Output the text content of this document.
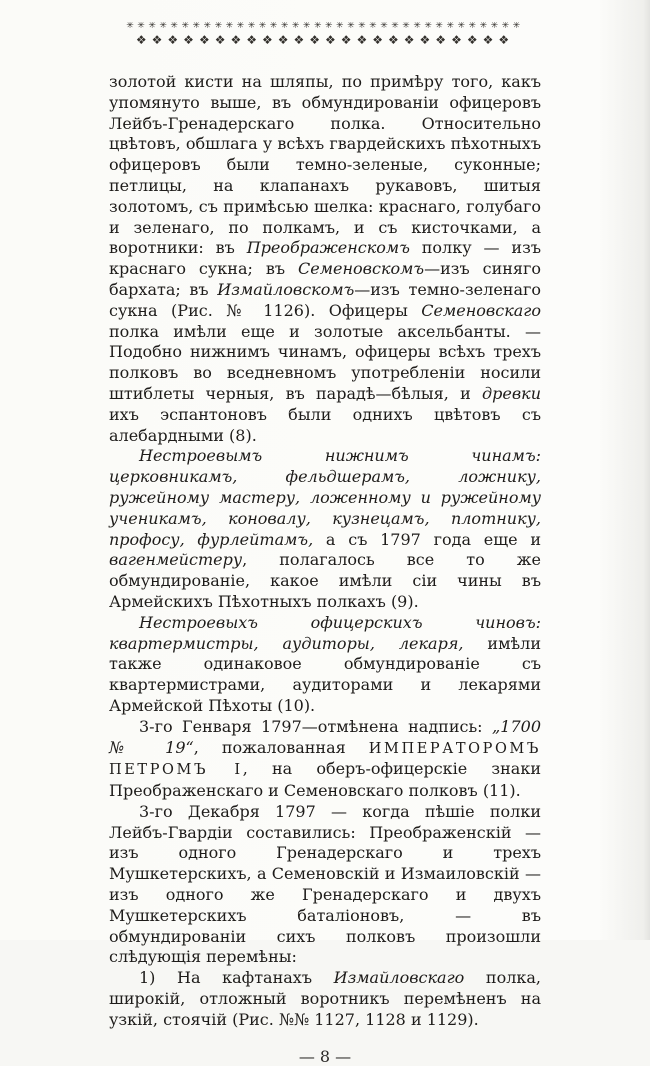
✳✳✳✳✳✳✳✳✳✳✳✳✳✳✳✳✳✳✳✳✳✳✳✳✳✳✳✳✳✳✳✳✳✳✳✳
❖❖❖❖❖❖❖❖❖❖❖❖❖❖❖❖❖❖❖❖❖❖❖❖

золотой кисти на шляпы, по примѣру того, какъ упомянуто выше, въ обмундированіи офицеровъ Лейбъ-Гренадерскаго полка. Относительно цвѣтовъ, обшлага у всѣхъ гвардейскихъ пѣхотныхъ офицеровъ были темно-зеленые, суконные; петлицы, на клапанахъ рукавовъ, шитыя золотомъ, съ примѣсью шелка: краснаго, голубаго и зеленаго, по полкамъ, и съ кисточками, а воротники: въ Преображенскомъ полку — изъ краснаго сукна; въ Семеновскомъ—изъ синяго бархата; въ Измайловскомъ—изъ темно-зеленаго сукна (Рис. № 1126). Офицеры Семеновскаго полка имѣли еще и золотые аксельбанты. — Подобно нижнимъ чинамъ, офицеры всѣхъ трехъ полковъ во вседневномъ употребленіи носили штиблеты черныя, въ парадѣ—бѣлыя, и древки ихъ эспантоновъ были однихъ цвѣтовъ съ алебардными (8).

Нестроевымъ нижнимъ чинамъ: церковникамъ, фельдшерамъ, ложнику, ружейному мастеру, ложенному и ружейному ученикамъ, коновалу, кузнецамъ, плотнику, профосу, фурлейтамъ, а съ 1797 года еще и вагенмейстеру, полагалось все то же обмундированіе, какое имѣли сіи чины въ Армейскихъ Пѣхотныхъ полкахъ (9).

Нестроевыхъ офицерскихъ чиновъ: квартермистры, аудиторы, лекаря, имѣли также одинаковое обмундированіе съ квартермистрами, аудиторами и лекарями Армейской Пѣхоты (10).

3-го Генваря 1797—отмѣнена надпись: „1700 № 19“, пожалованная ИМПЕРАТОРОМЪ ПЕТРОМЪ I, на оберъ-офицерскіе знаки Преображенскаго и Семеновскаго полковъ (11).

3-го Декабря 1797 — когда пѣшіе полки Лейбъ-Гвардіи составились: Преображенскій — изъ одного Гренадерскаго и трехъ Мушкетерскихъ, а Семеновскій и Измаиловскій — изъ одного же Гренадерскаго и двухъ Мушкетерскихъ баталіоновъ, — въ обмундированіи сихъ полковъ произошли слѣдующія перемѣны:

1) На кафтанахъ Измайловскаго полка, широкій, отложный воротникъ перемѣненъ на узкій, стоячій (Рис. №№ 1127, 1128 и 1129).

— 8 —
